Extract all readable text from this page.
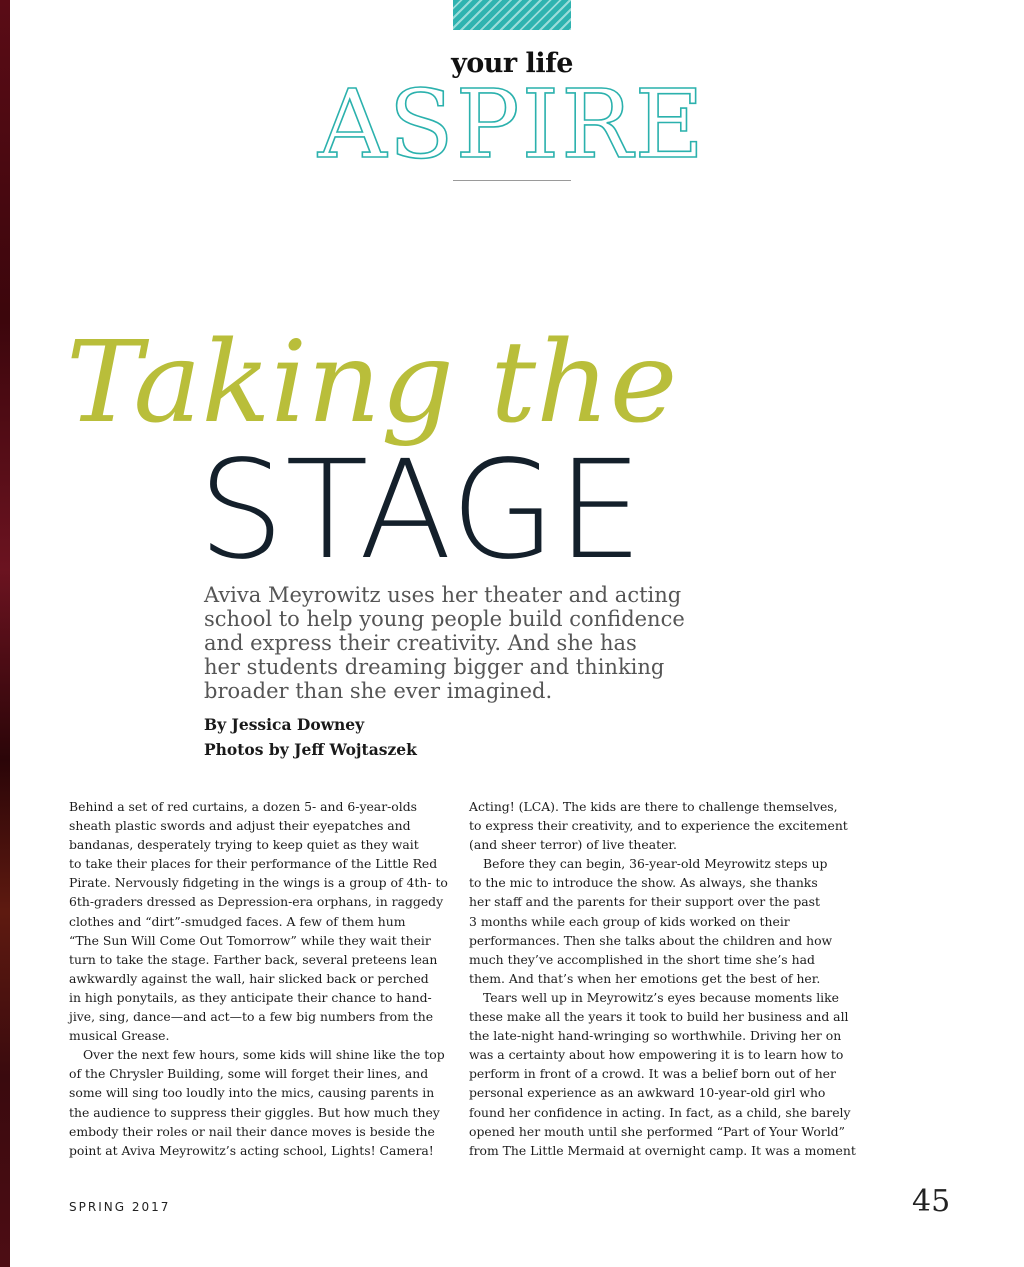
your life
ASPIRE
Taking the
STAGE
Aviva Meyrowitz uses her theater and acting
school to help young people build confidence
and express their creativity. And she has
her students dreaming bigger and thinking
broader than she ever imagined.
By Jessica Downey
Photos by Jeff Wojtaszek
Behind a set of red curtains, a dozen 5- and 6-year-olds
sheath plastic swords and adjust their eyepatches and
bandanas, desperately trying to keep quiet as they wait
to take their places for their performance of the Little Red
Pirate. Nervously fidgeting in the wings is a group of 4th- to
6th-graders dressed as Depression-era orphans, in raggedy
clothes and “dirt”-smudged faces. A few of them hum
“The Sun Will Come Out Tomorrow” while they wait their
turn to take the stage. Farther back, several preteens lean
awkwardly against the wall, hair slicked back or perched
in high ponytails, as they anticipate their chance to hand-
jive, sing, dance—and act—to a few big numbers from the
musical Grease.
Over the next few hours, some kids will shine like the top
of the Chrysler Building, some will forget their lines, and
some will sing too loudly into the mics, causing parents in
the audience to suppress their giggles. But how much they
embody their roles or nail their dance moves is beside the
point at Aviva Meyrowitz’s acting school, Lights! Camera!
Acting! (LCA). The kids are there to challenge themselves,
to express their creativity, and to experience the excitement
(and sheer terror) of live theater.
Before they can begin, 36-year-old Meyrowitz steps up
to the mic to introduce the show. As always, she thanks
her staff and the parents for their support over the past
3 months while each group of kids worked on their
performances. Then she talks about the children and how
much they’ve accomplished in the short time she’s had
them. And that’s when her emotions get the best of her.
Tears well up in Meyrowitz’s eyes because moments like
these make all the years it took to build her business and all
the late-night hand-wringing so worthwhile. Driving her on
was a certainty about how empowering it is to learn how to
perform in front of a crowd. It was a belief born out of her
personal experience as an awkward 10-year-old girl who
found her confidence in acting. In fact, as a child, she barely
opened her mouth until she performed “Part of Your World”
from The Little Mermaid at overnight camp. It was a moment
SPRING 2017	45
